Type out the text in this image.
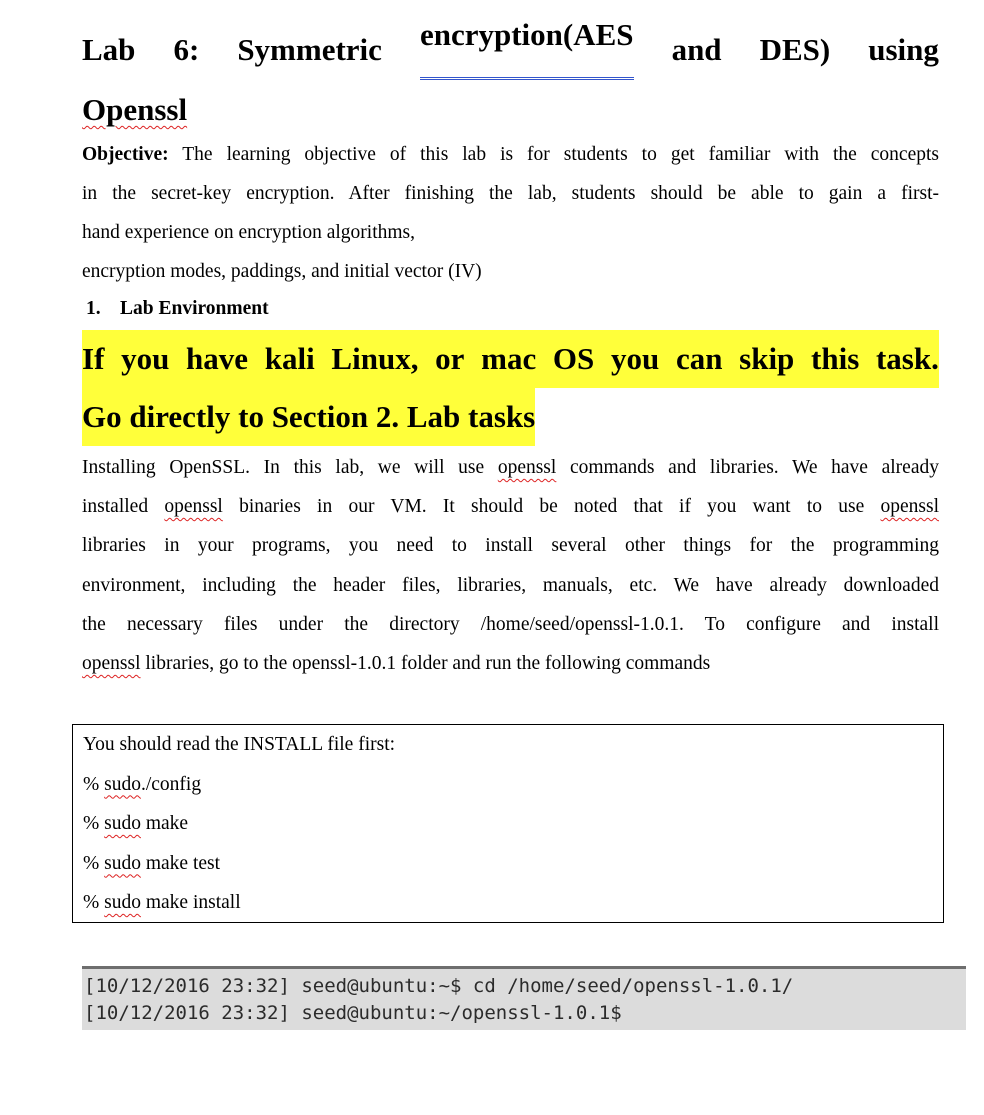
Lab 6: Symmetric encryption(AES and DES) using
Openssl
Objective: The learning objective of this lab is for students to get familiar with the concepts
in the secret-key encryption. After finishing the lab, students should be able to gain a first-
hand experience on encryption algorithms,
encryption modes, paddings, and initial vector (IV)
1. Lab Environment
If you have kali Linux, or mac OS you can skip this task.
Go directly to Section 2. Lab tasks
Installing OpenSSL. In this lab, we will use openssl commands and libraries. We have already
installed openssl binaries in our VM. It should be noted that if you want to use openssl
libraries in your programs, you need to install several other things for the programming
environment, including the header files, libraries, manuals, etc. We have already downloaded
the necessary files under the directory /home/seed/openssl-1.0.1. To configure and install
openssl libraries, go to the openssl-1.0.1 folder and run the following commands
You should read the INSTALL file first:
% sudo./config
% sudo make
% sudo make test
% sudo make install
[10/12/2016 23:32] seed@ubuntu:~$ cd /home/seed/openssl-1.0.1/
[10/12/2016 23:32] seed@ubuntu:~/openssl-1.0.1$
